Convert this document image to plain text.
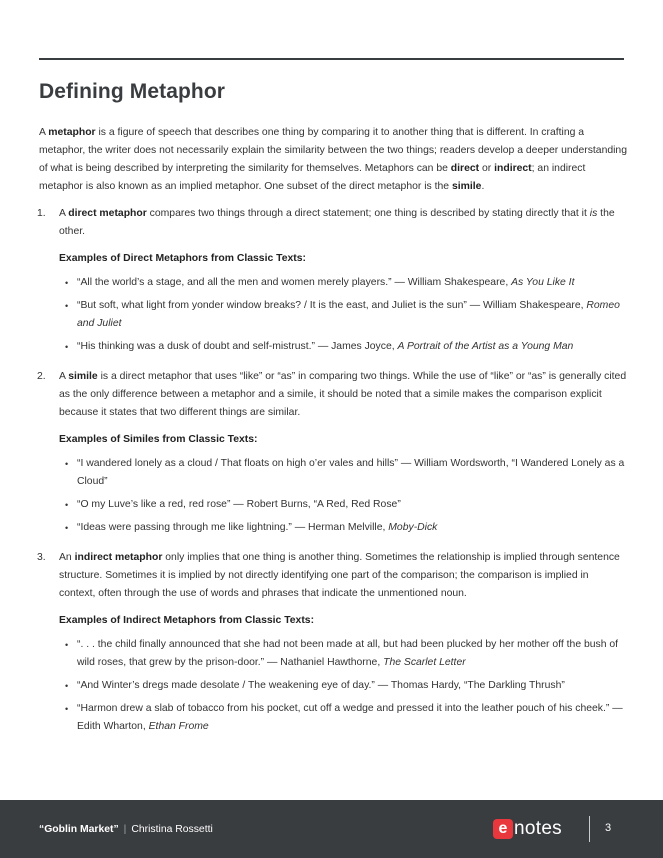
Defining Metaphor

A metaphor is a figure of speech that describes one thing by comparing it to another thing that is different. In crafting a metaphor, the writer does not necessarily explain the similarity between the two things; readers develop a deeper understanding of what is being described by interpreting the similarity for themselves. Metaphors can be direct or indirect; an indirect metaphor is also known as an implied metaphor. One subset of the direct metaphor is the simile.

1.	A direct metaphor compares two things through a direct statement; one thing is described by stating directly that it is the other.

Examples of Direct Metaphors from Classic Texts:
• “All the world’s a stage, and all the men and women merely players.” — William Shakespeare, As You Like It
• “But soft, what light from yonder window breaks? / It is the east, and Juliet is the sun” — William Shakespeare, Romeo and Juliet
• “His thinking was a dusk of doubt and self-mistrust.” — James Joyce, A Portrait of the Artist as a Young Man
2.	A simile is a direct metaphor that uses “like” or “as” in comparing two things. While the use of “like” or “as” is generally cited as the only difference between a metaphor and a simile, it should be noted that a simile makes the comparison explicit because it states that two different things are similar.

Examples of Similes from Classic Texts:
• “I wandered lonely as a cloud / That floats on high o’er vales and hills” — William Wordsworth, “I Wandered Lonely as a Cloud”
• “O my Luve’s like a red, red rose” — Robert Burns, “A Red, Red Rose”
• “Ideas were passing through me like lightning.” — Herman Melville, Moby-Dick
3.	An indirect metaphor only implies that one thing is another thing. Sometimes the relationship is implied through sentence structure. Sometimes it is implied by not directly identifying one part of the comparison; the comparison is implied in context, often through the use of words and phrases that indicate the unmentioned noun.

Examples of Indirect Metaphors from Classic Texts:
• “. . . the child finally announced that she had not been made at all, but had been plucked by her mother off the bush of wild roses, that grew by the prison-door.” — Nathaniel Hawthorne, The Scarlet Letter
• “And Winter’s dregs made desolate / The weakening eye of day.” — Thomas Hardy, “The Darkling Thrush”
• “Harmon drew a slab of tobacco from his pocket, cut off a wedge and pressed it into the leather pouch of his cheek.” — Edith Wharton, Ethan Frome
“Goblin Market” | Christina Rossetti	e notes	3
